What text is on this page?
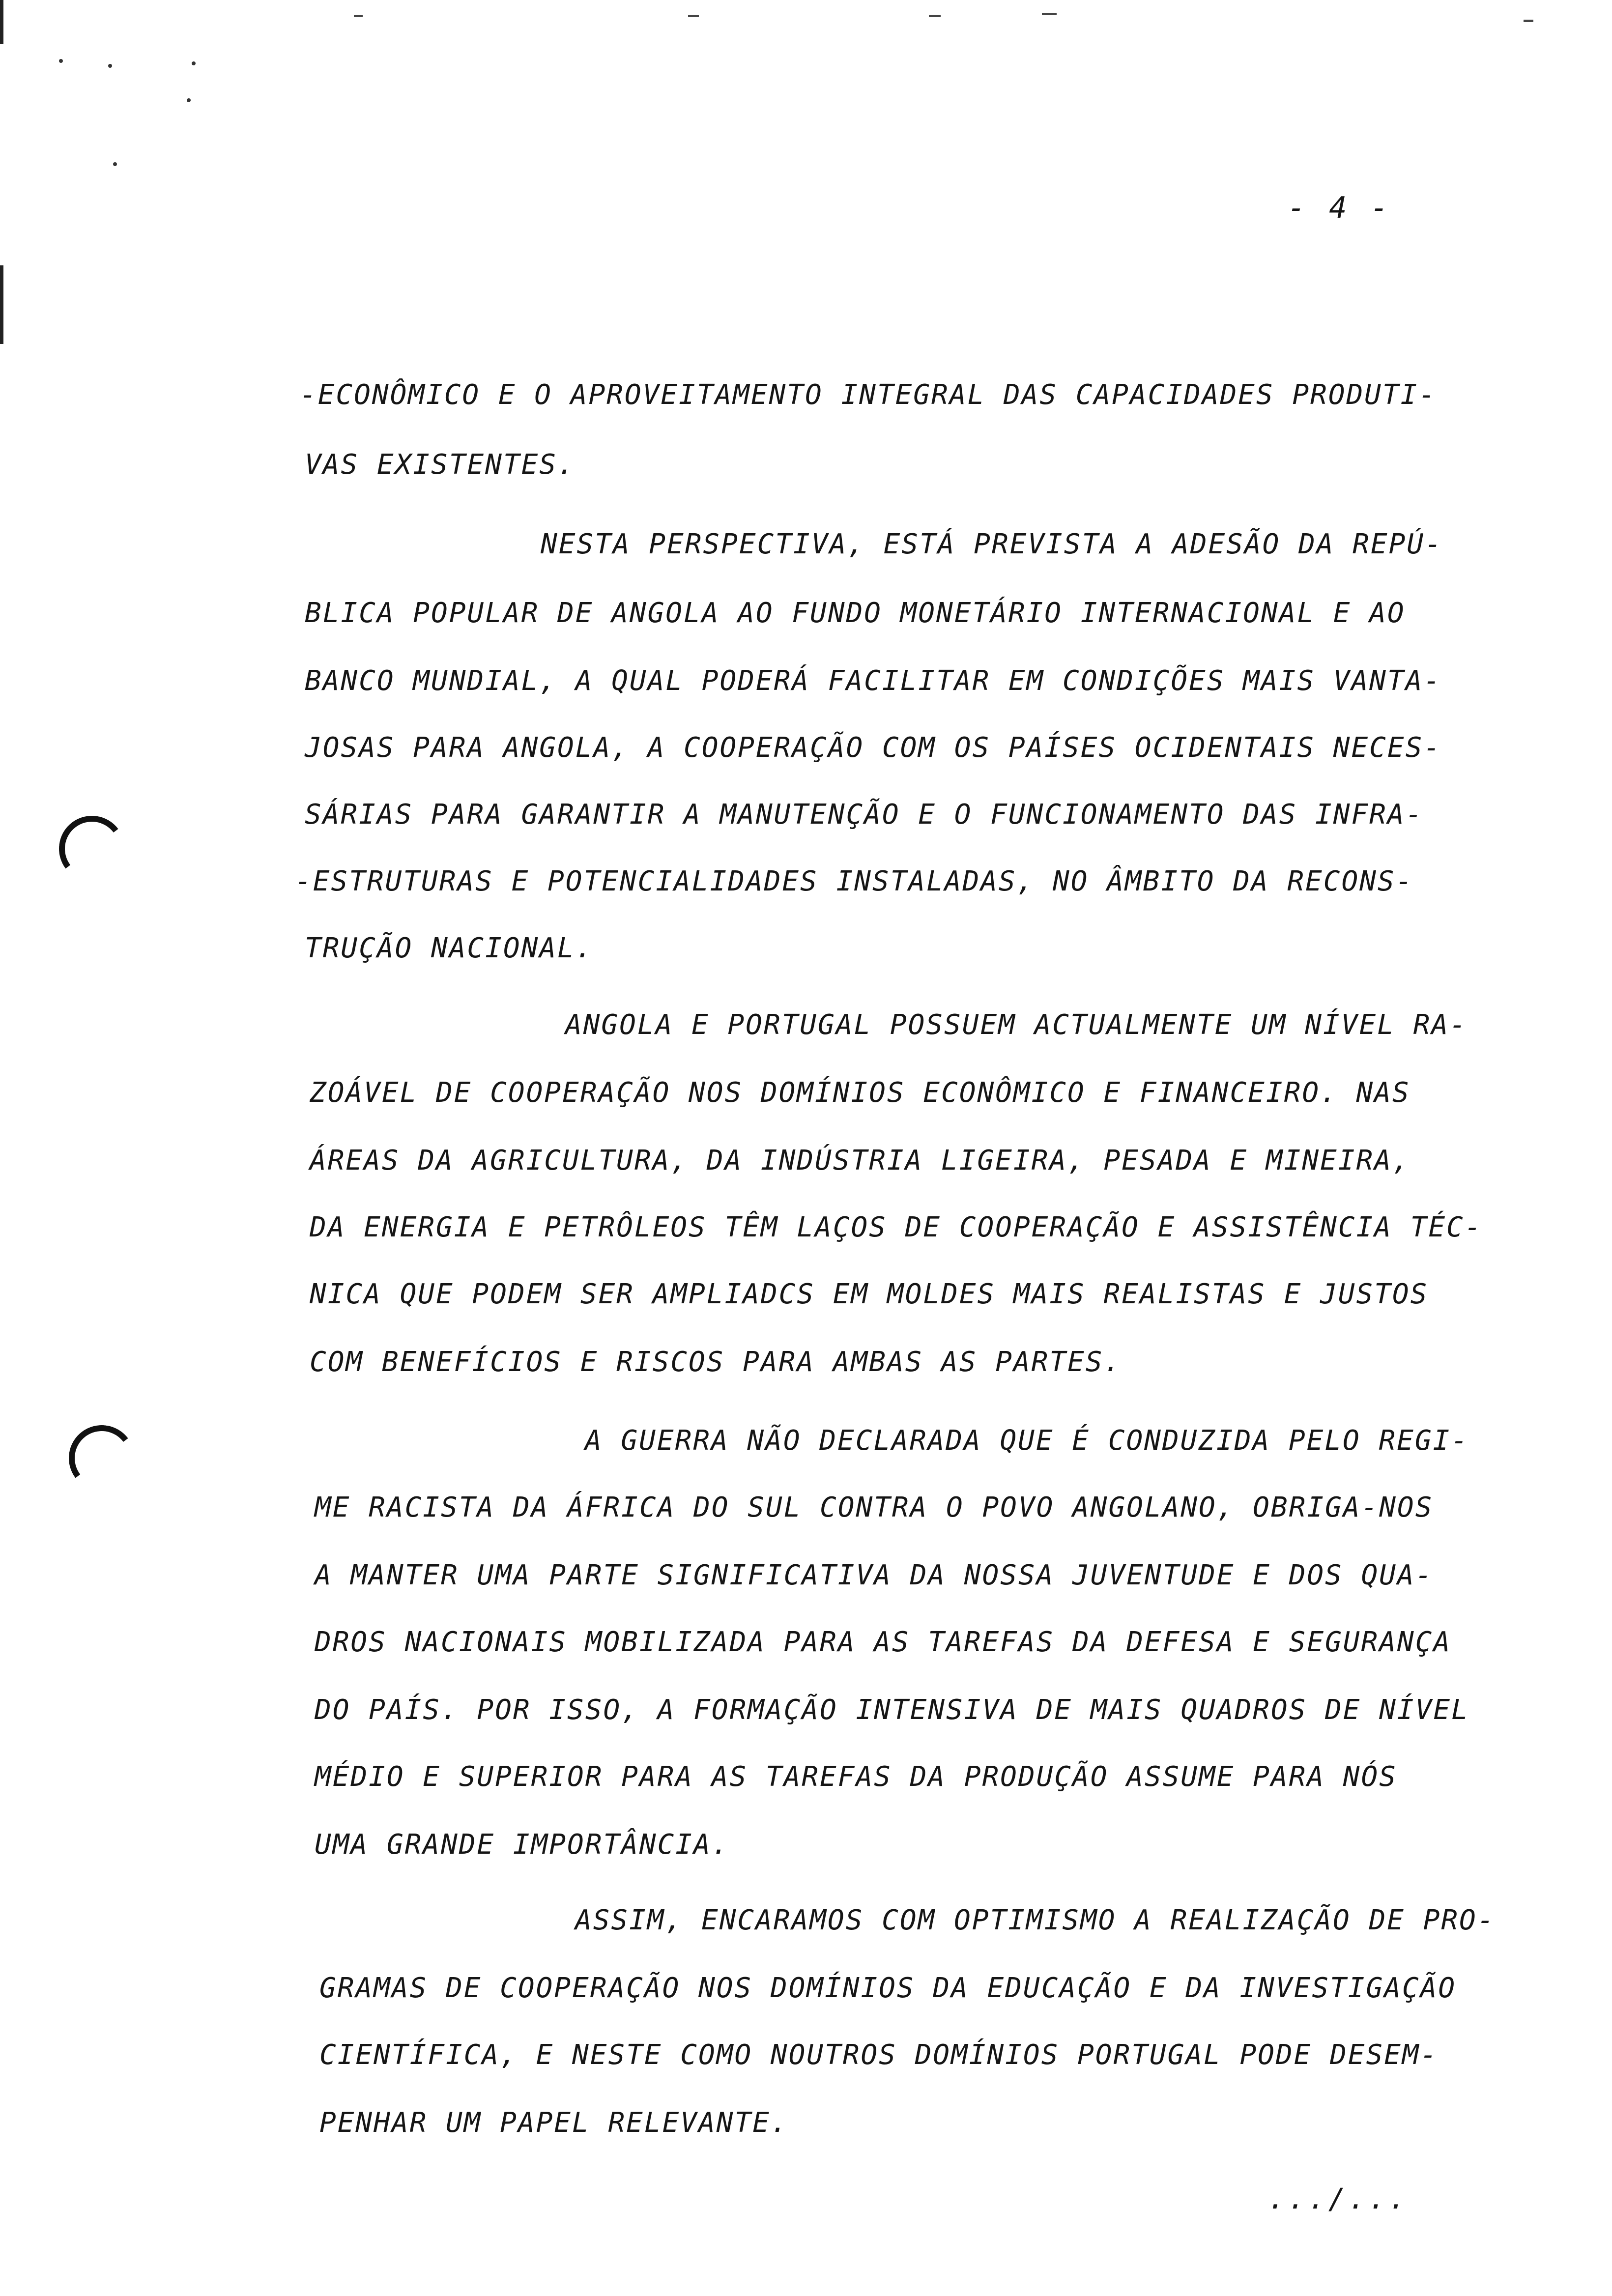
- 4 -
-ECONÔMICO E O APROVEITAMENTO INTEGRAL DAS CAPACIDADES PRODUTI-
VAS EXISTENTES.
NESTA PERSPECTIVA, ESTÁ PREVISTA A ADESÃO DA REPÚ-
BLICA POPULAR DE ANGOLA AO FUNDO MONETÁRIO INTERNACIONAL E AO
BANCO MUNDIAL, A QUAL PODERÁ FACILITAR EM CONDIÇÕES MAIS VANTA-
JOSAS PARA ANGOLA, A COOPERAÇÃO COM OS PAÍSES OCIDENTAIS NECES-
SÁRIAS PARA GARANTIR A MANUTENÇÃO E O FUNCIONAMENTO DAS INFRA-
-ESTRUTURAS E POTENCIALIDADES INSTALADAS, NO ÂMBITO DA RECONS-
TRUÇÃO NACIONAL.
ANGOLA E PORTUGAL POSSUEM ACTUALMENTE UM NÍVEL RA-
ZOÁVEL DE COOPERAÇÃO NOS DOMÍNIOS ECONÔMICO E FINANCEIRO. NAS
ÁREAS DA AGRICULTURA, DA INDÚSTRIA LIGEIRA, PESADA E MINEIRA,
DA ENERGIA E PETRÔLEOS TÊM LAÇOS DE COOPERAÇÃO E ASSISTÊNCIA TÉC-
NICA QUE PODEM SER AMPLIADCS EM MOLDES MAIS REALISTAS E JUSTOS
COM BENEFÍCIOS E RISCOS PARA AMBAS AS PARTES.
A GUERRA NÃO DECLARADA QUE É CONDUZIDA PELO REGI-
ME RACISTA DA ÁFRICA DO SUL CONTRA O POVO ANGOLANO, OBRIGA-NOS
A MANTER UMA PARTE SIGNIFICATIVA DA NOSSA JUVENTUDE E DOS QUA-
DROS NACIONAIS MOBILIZADA PARA AS TAREFAS DA DEFESA E SEGURANÇA
DO PAÍS. POR ISSO, A FORMAÇÃO INTENSIVA DE MAIS QUADROS DE NÍVEL
MÉDIO E SUPERIOR PARA AS TAREFAS DA PRODUÇÃO ASSUME PARA NÓS
UMA GRANDE IMPORTÂNCIA.
ASSIM, ENCARAMOS COM OPTIMISMO A REALIZAÇÃO DE PRO-
GRAMAS DE COOPERAÇÃO NOS DOMÍNIOS DA EDUCAÇÃO E DA INVESTIGAÇÃO
CIENTÍFICA, E NESTE COMO NOUTROS DOMÍNIOS PORTUGAL PODE DESEM-
PENHAR UM PAPEL RELEVANTE.
.../...
